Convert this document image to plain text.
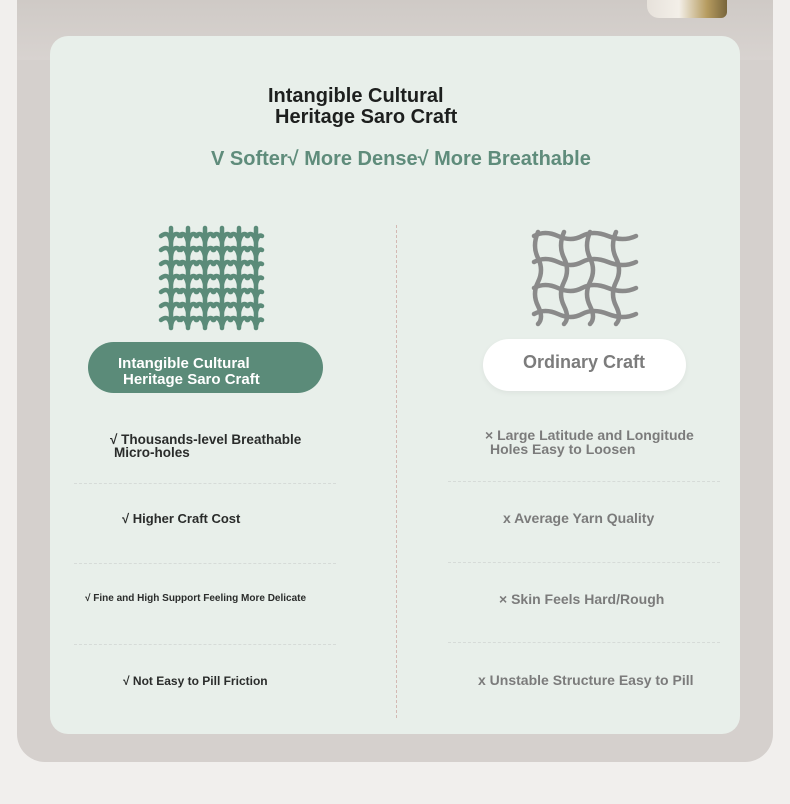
Intangible Cultural
Heritage Saro Craft
V Softer√ More Dense√ More Breathable
Intangible Cultural
Heritage Saro Craft
Ordinary Craft
√ Thousands-level Breathable
Micro-holes
√ Higher Craft Cost
√ Fine and High Support Feeling More Delicate
√ Not Easy to Pill Friction
× Large Latitude and Longitude
Holes Easy to Loosen
x Average Yarn Quality
× Skin Feels Hard/Rough
x Unstable Structure Easy to Pill
